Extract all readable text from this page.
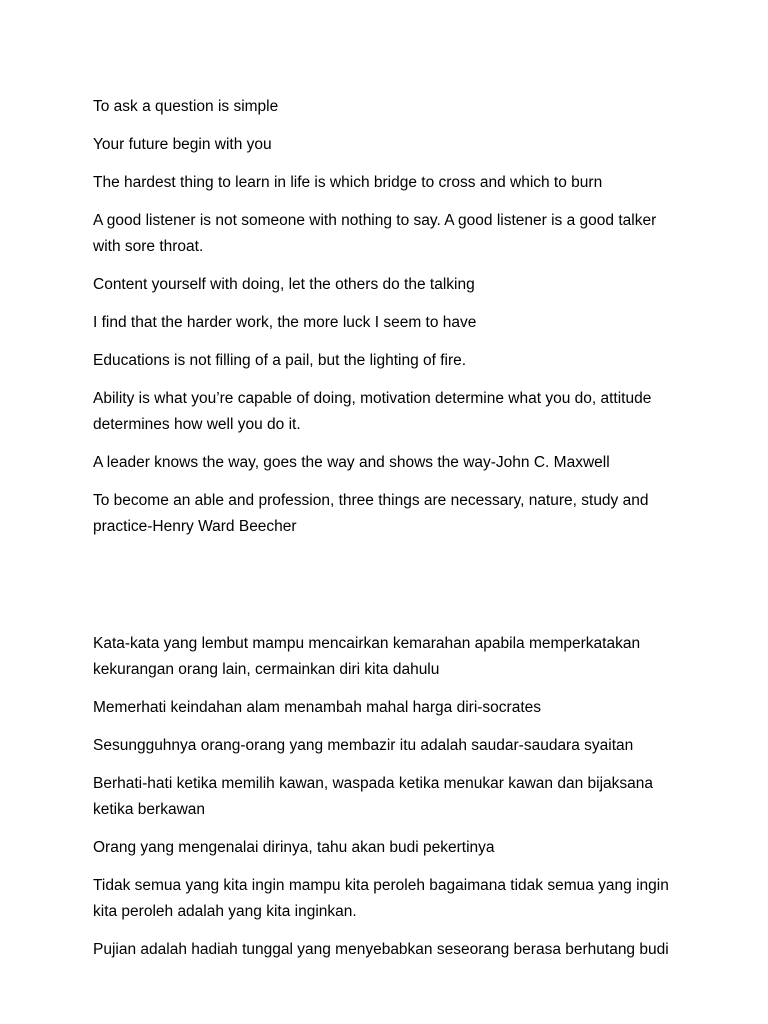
To ask a question is simple

Your future begin with you

The hardest thing to learn in life is which bridge to cross and which to burn

A good listener is not someone with nothing to say. A good listener is a good talker with sore throat.

Content yourself with doing, let the others do the talking

I find that the harder work, the more luck I seem to have

Educations is not filling of a pail, but the lighting of fire.

Ability is what you’re capable of doing, motivation determine what you do, attitude determines how well you do it.

A leader knows the way, goes the way and shows the way-John C. Maxwell

To become an able and profession, three things are necessary, nature, study and practice-Henry Ward Beecher

Kata-kata yang lembut mampu mencairkan kemarahan apabila memperkatakan kekurangan orang lain, cermainkan diri kita dahulu

Memerhati keindahan alam menambah mahal harga diri-socrates

Sesungguhnya orang-orang yang membazir itu adalah saudar-saudara syaitan

Berhati-hati ketika memilih kawan, waspada ketika menukar kawan dan bijaksana ketika berkawan

Orang yang mengenalai dirinya, tahu akan budi pekertinya

Tidak semua yang kita ingin mampu kita peroleh bagaimana tidak semua yang ingin kita peroleh adalah yang kita inginkan.

Pujian adalah hadiah tunggal yang menyebabkan seseorang berasa berhutang budi
